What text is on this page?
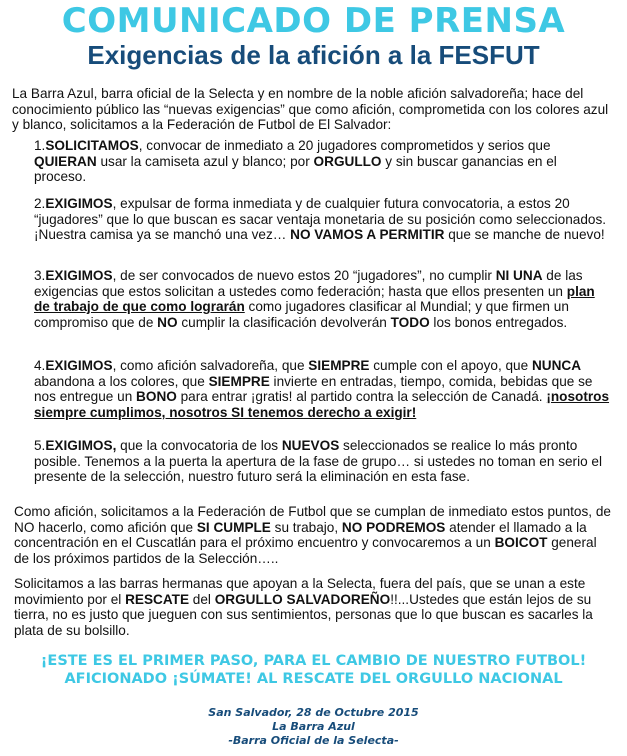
COMUNICADO DE PRENSA
Exigencias de la afición a la FESFUT

La Barra Azul, barra oficial de la Selecta y en nombre de la noble afición salvadoreña; hace del conocimiento público las “nuevas exigencias” que como afición, comprometida con los colores azul y blanco, solicitamos a la Federación de Futbol de El Salvador:

1.SOLICITAMOS, convocar de inmediato a 20 jugadores comprometidos y serios que QUIERAN usar la camiseta azul y blanco; por ORGULLO y sin buscar ganancias en el proceso.

2.EXIGIMOS, expulsar de forma inmediata y de cualquier futura convocatoria, a estos 20 “jugadores” que lo que buscan es sacar ventaja monetaria de su posición como seleccionados. ¡Nuestra camisa ya se manchó una vez… NO VAMOS A PERMITIR que se manche de nuevo!

3.EXIGIMOS, de ser convocados de nuevo estos 20 “jugadores”, no cumplir NI UNA de las exigencias que estos solicitan a ustedes como federación; hasta que ellos presenten un plan de trabajo de que como lograrán como jugadores clasificar al Mundial; y que firmen un compromiso que de NO cumplir la clasificación devolverán TODO los bonos entregados.

4.EXIGIMOS, como afición salvadoreña, que SIEMPRE cumple con el apoyo, que NUNCA abandona a los colores, que SIEMPRE invierte en entradas, tiempo, comida, bebidas que se nos entregue un BONO para entrar ¡gratis! al partido contra la selección de Canadá. ¡nosotros siempre cumplimos, nosotros SI tenemos derecho a exigir!

5.EXIGIMOS, que la convocatoria de los NUEVOS seleccionados se realice lo más pronto posible. Tenemos a la puerta la apertura de la fase de grupo… si ustedes no toman en serio el presente de la selección, nuestro futuro será la eliminación en esta fase.

Como afición, solicitamos a la Federación de Futbol que se cumplan de inmediato estos puntos, de NO hacerlo, como afición que SI CUMPLE su trabajo, NO PODREMOS atender el llamado a la concentración en el Cuscatlán para el próximo encuentro y convocaremos a un BOICOT general de los próximos partidos de la Selección…..

Solicitamos a las barras hermanas que apoyan a la Selecta, fuera del país, que se unan a este movimiento por el RESCATE del ORGULLO SALVADOREÑO!!...Ustedes que están lejos de su tierra, no es justo que jueguen con sus sentimientos, personas que lo que buscan es sacarles la plata de su bolsillo.

¡ESTE ES EL PRIMER PASO, PARA EL CAMBIO DE NUESTRO FUTBOL!
AFICIONADO ¡SÚMATE! AL RESCATE DEL ORGULLO NACIONAL
San Salvador, 28 de Octubre 2015
La Barra Azul
-Barra Oficial de la Selecta-
